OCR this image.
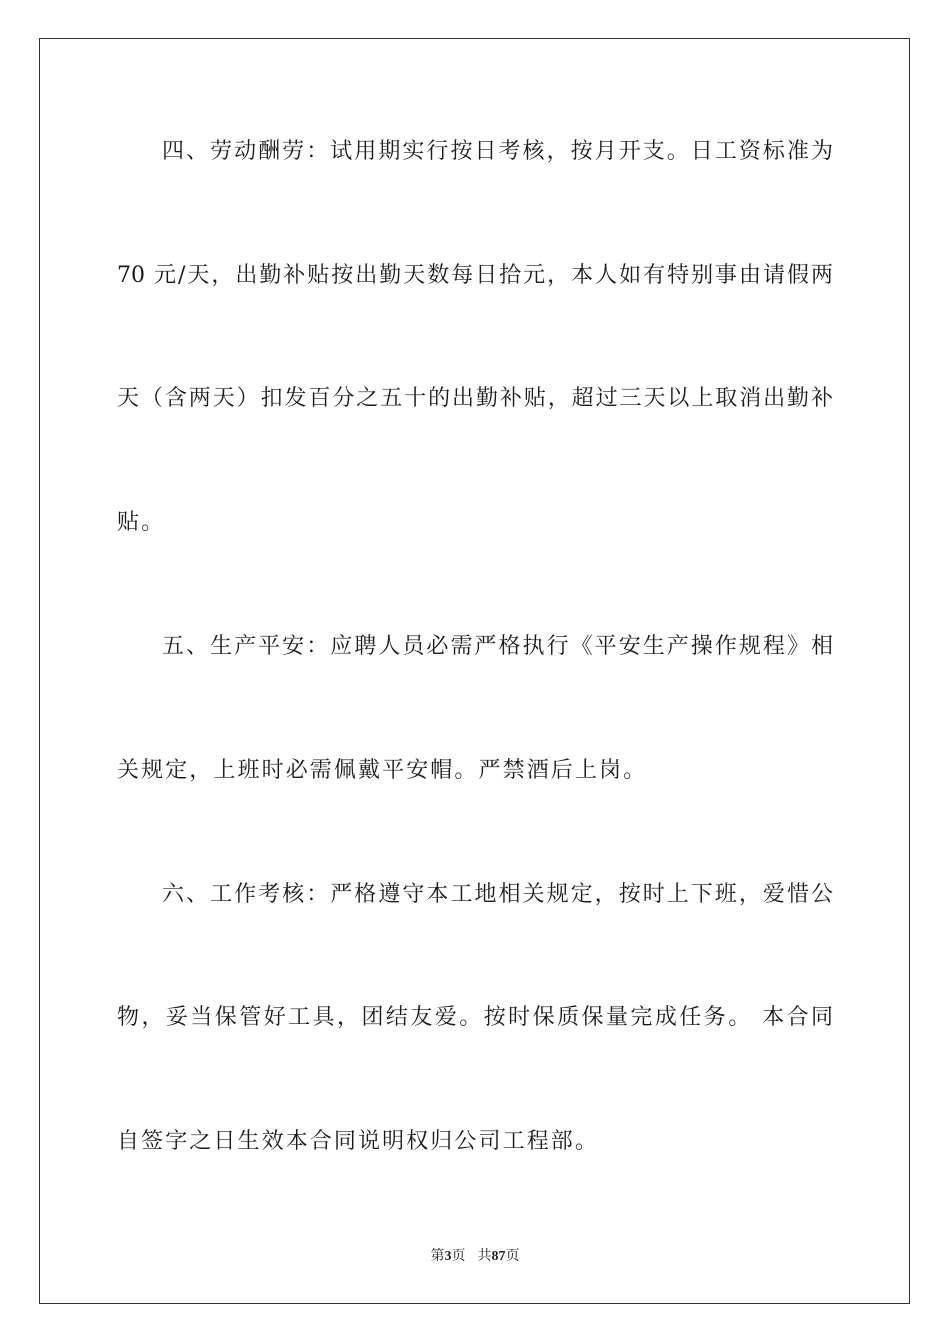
四、劳动酬劳：试用期实行按日考核，按月开支。日工资标准为
70 元/天，出勤补贴按出勤天数每日拾元，本人如有特别事由请假两
天（含两天）扣发百分之五十的出勤补贴，超过三天以上取消出勤补
贴。
五、生产平安：应聘人员必需严格执行《平安生产操作规程》相
关规定，上班时必需佩戴平安帽。严禁酒后上岗。
六、工作考核：严格遵守本工地相关规定，按时上下班，爱惜公
物，妥当保管好工具，团结友爱。按时保质保量完成任务。 本合同
自签字之日生效本合同说明权归公司工程部。
第3页 共87页
